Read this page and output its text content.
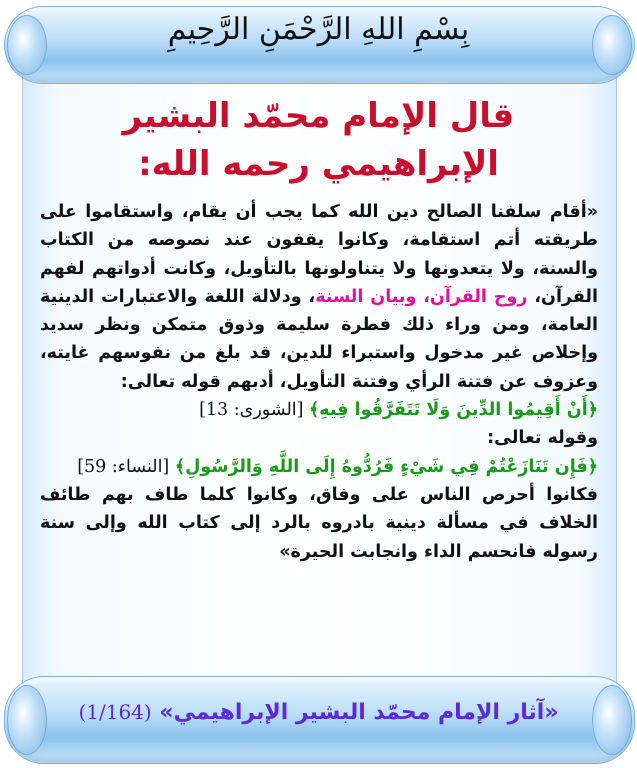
بِسْمِ اللهِ الرَّحْمَنِ الرَّحِيمِ
قال الإمام محمّد البشير الإبراهيمي رحمه الله:

«أقام سلفنا الصالح دين الله كما يجب أن يقام، واستقاموا على طريقته أتم استقامة، وكانوا يقفون عند نصوصه من الكتاب والسنة، ولا يتعدونها ولا يتناولونها بالتأويل، وكانت أدواتهم لفهم القرآن، روح القرآن، وبيان السنة، ودلالة اللغة والاعتبارات الدينية العامة، ومن وراء ذلك فطرة سليمة وذوق متمكن ونظر سديد وإخلاص غير مدخول واستبراء للدين، قد بلغ من نفوسهم غايته، وعزوف عن فتنة الرأي وفتنة التأويل، أدبهم قوله تعالى:

﴿أَنْ أَقِيمُوا الدِّينَ وَلَا تَتَفَرَّقُوا فِيهِ﴾ [الشورى: 13]

وقوله تعالى:

﴿فَإِن تَنَازَعْتُمْ فِي شَيْءٍ فَرُدُّوهُ إِلَى اللَّهِ وَالرَّسُولِ﴾ [النساء: 59]

فكانوا أحرص الناس على وفاق، وكانوا كلما طاف بهم طائف الخلاف في مسألة دينية بادروه بالرد إلى كتاب الله وإلى سنة رسوله فانحسم الداء وانجابت الحيرة»

«آثار الإمام محمّد البشير الإبراهيمي» (1/164)
